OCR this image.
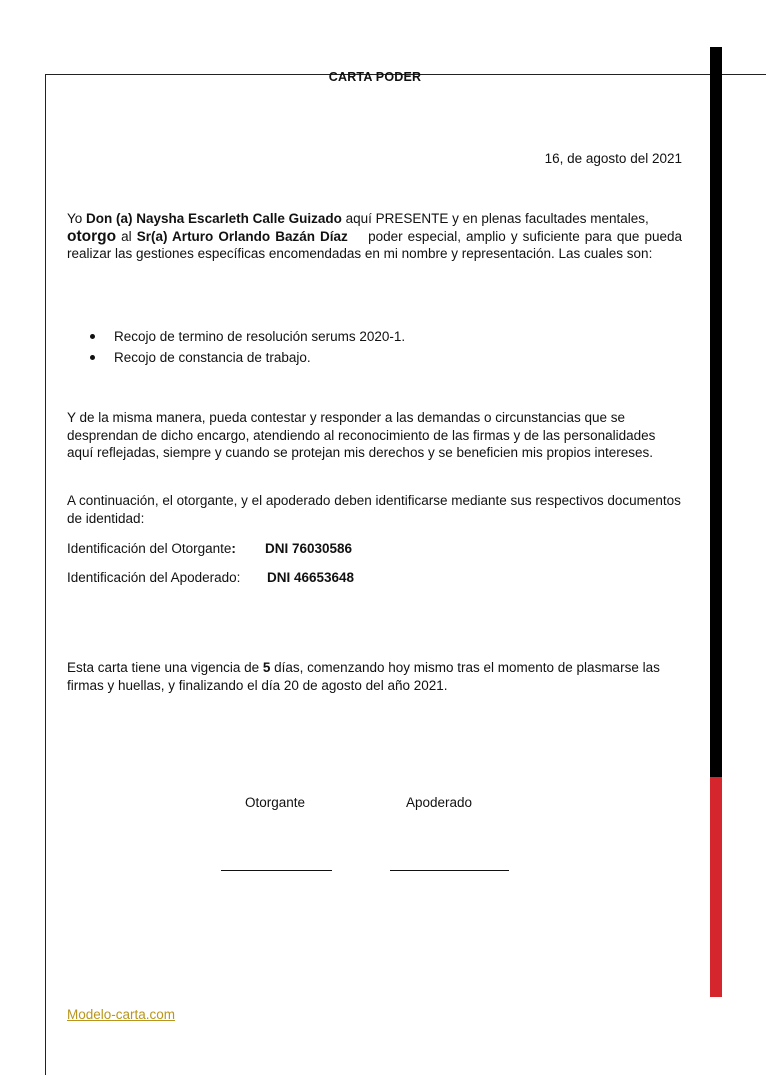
CARTA PODER
16, de agosto del 2021
Yo Don (a) Naysha Escarleth Calle Guizado aquí PRESENTE y en plenas facultades mentales,
otorgo al Sr(a) Arturo Orlando Bazán Díaz    poder especial, amplio y suficiente para que pueda realizar las gestiones específicas encomendadas en mi nombre y representación. Las cuales son:
Recojo de termino de resolución serums 2020-1.
Recojo de constancia de trabajo.
Y de la misma manera, pueda contestar y responder a las demandas o circunstancias que se desprendan de dicho encargo, atendiendo al reconocimiento de las firmas y de las personalidades aquí reflejadas, siempre y cuando se protejan mis derechos y se beneficien mis propios intereses.
A continuación, el otorgante, y el apoderado deben identificarse mediante sus respectivos documentos de identidad:
Identificación del Otorgante: DNI 76030586
Identificación del Apoderado: DNI 46653648
Esta carta tiene una vigencia de 5 días, comenzando hoy mismo tras el momento de plasmarse las firmas y huellas, y finalizando el día 20 de agosto del año 2021.
Otorgante	Apoderado
Modelo-carta.com
